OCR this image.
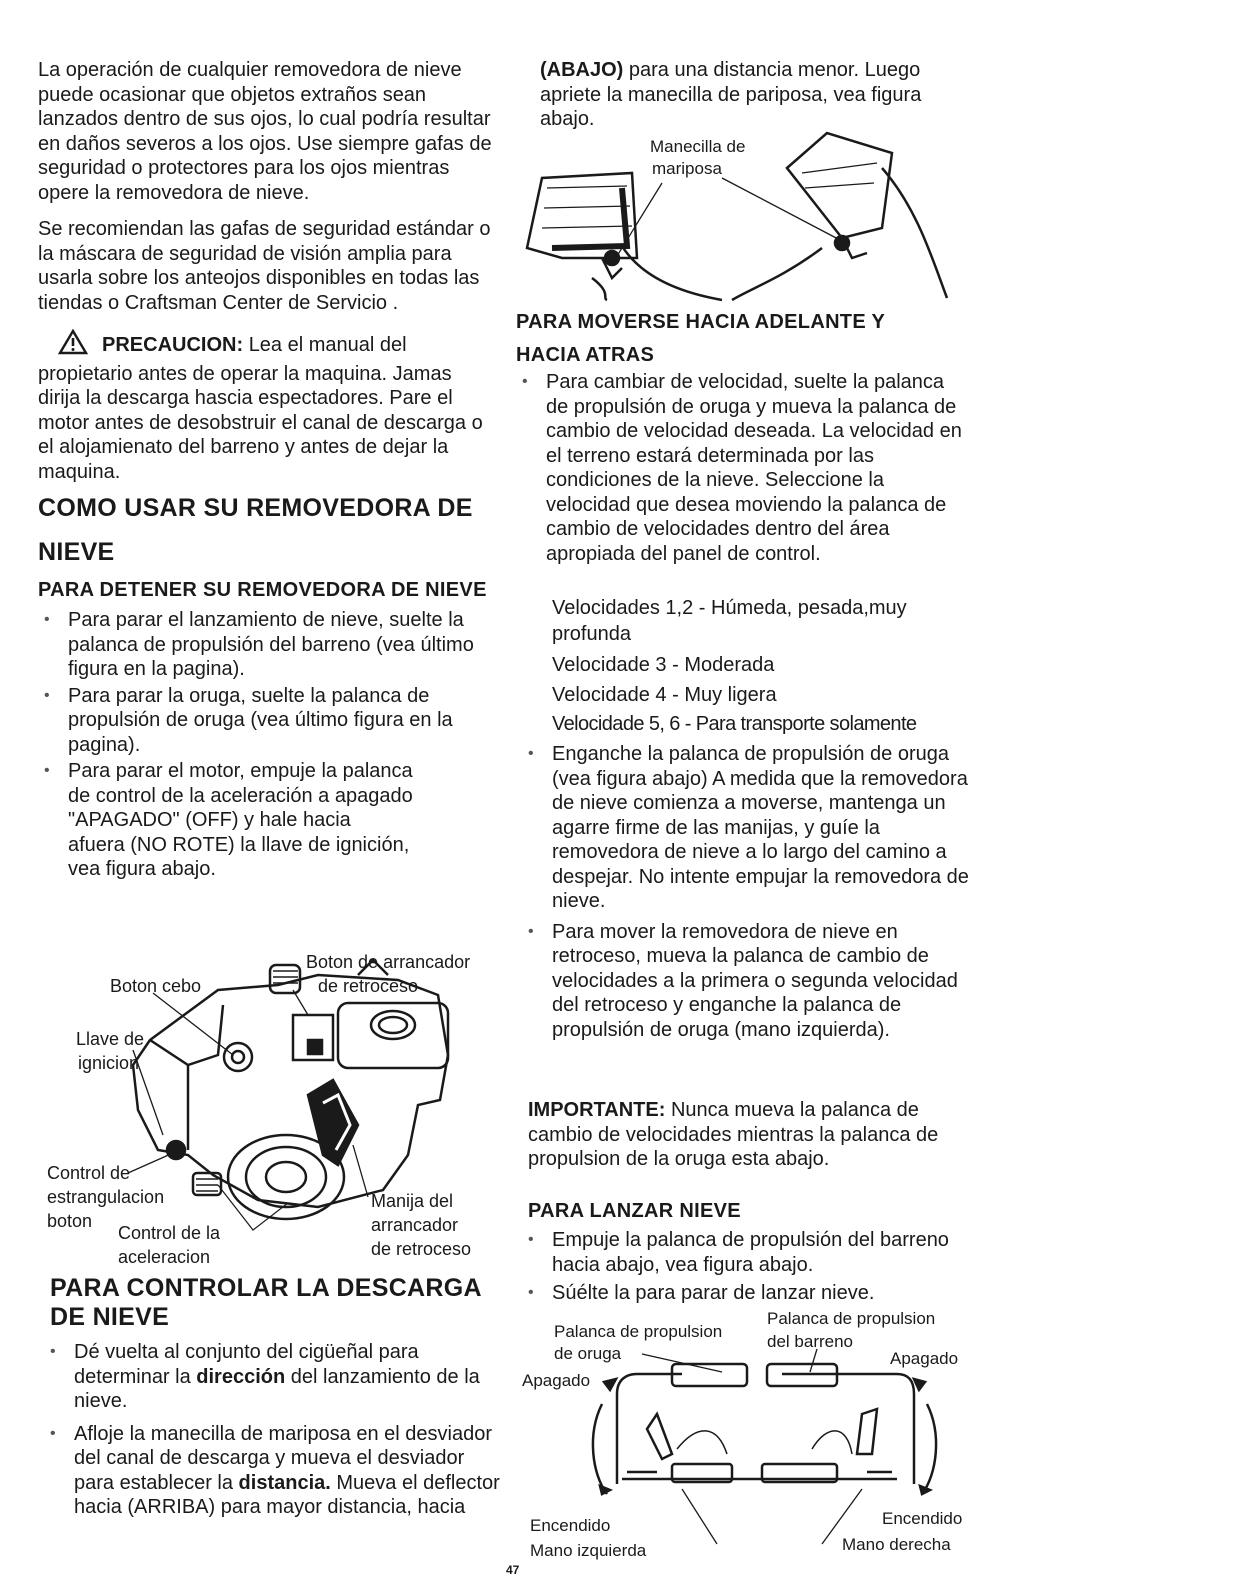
La operación de cualquier removedora de nieve puede ocasionar que objetos extraños sean lanzados dentro de sus ojos, lo cual podría resultar en daños severos a los ojos. Use siempre gafas de seguridad o protectores para los ojos mientras opere la removedora de nieve.

Se recomiendan las gafas de seguridad estándar o la máscara de seguridad de visión amplia para usarla sobre los anteojos disponibles en todas las tiendas o Craftsman Center de Servicio .

PRECAUCION: Lea el manual del propietario antes de operar la maquina. Jamas dirija la descarga hascia espectadores. Pare el motor antes de desobstruir el canal de descarga o el alojamienato del barreno y antes de dejar la maquina.

COMO USAR SU REMOVEDORA DE NIEVE
PARA DETENER SU REMOVEDORA DE NIEVE
• Para parar el lanzamiento de nieve, suelte la palanca de propulsión del barreno (vea último figura en la pagina).
• Para parar la oruga, suelte la palanca de propulsión de oruga (vea último figura en la pagina).
• Para parar el motor, empuje la palanca de control de la aceleración a apagado "APAGADO" (OFF) y hale hacia afuera (NO ROTE) la llave de ignición, vea figura abajo.
Boton de arrancador
de retroceso
Boton cebo
Llave de
ignicion
Control de
estrangulacion
boton
Control de la
aceleracion
Manija del
arrancador
de retroceso
PARA CONTROLAR LA DESCARGA DE NIEVE
• Dé vuelta al conjunto del cigüeñal para determinar la dirección del lanzamiento de la nieve.
• Afloje la manecilla de mariposa en el desviador del canal de descarga y mueva el desviador para establecer la distancia. Mueva el deflector hacia (ARRIBA) para mayor distancia, hacia

(ABAJO) para una distancia menor. Luego apriete la manecilla de pariposa, vea figura abajo.

Manecilla de
mariposa
PARA MOVERSE HACIA ADELANTE Y HACIA ATRAS
• Para cambiar de velocidad, suelte la palanca de propulsión de oruga y mueva la palanca de cambio de velocidad deseada. La velocidad en el terreno estará determinada por las condiciones de la nieve. Seleccione la velocidad que desea moviendo la palanca de cambio de velocidades dentro del área apropiada del panel de control.
Velocidades 1,2 - Húmeda, pesada,muy profunda
Velocidade 3 - Moderada
Velocidade 4 - Muy ligera
Velocidade 5, 6 - Para transporte solamente
• Enganche la palanca de propulsión de oruga (vea figura abajo) A medida que la removedora de nieve comienza a moverse, mantenga un agarre firme de las manijas, y guíe la removedora de nieve a lo largo del camino a despejar. No intente empujar la removedora de nieve.
• Para mover la removedora de nieve en retroceso, mueva la palanca de cambio de velocidades a la primera o segunda velocidad del retroceso y enganche la palanca de propulsión de oruga (mano izquierda).

IMPORTANTE: Nunca mueva la palanca de cambio de velocidades mientras la palanca de propulsion de la oruga esta abajo.

PARA LANZAR NIEVE
• Empuje la palanca de propulsión del barreno hacia abajo, vea figura abajo.
• Súélte la para parar de lanzar nieve.
Palanca de propulsion
de oruga
Palanca de propulsion
del barreno
Apagado
Apagado
Encendido	Encendido
Mano izquierda	Mano derecha
47
